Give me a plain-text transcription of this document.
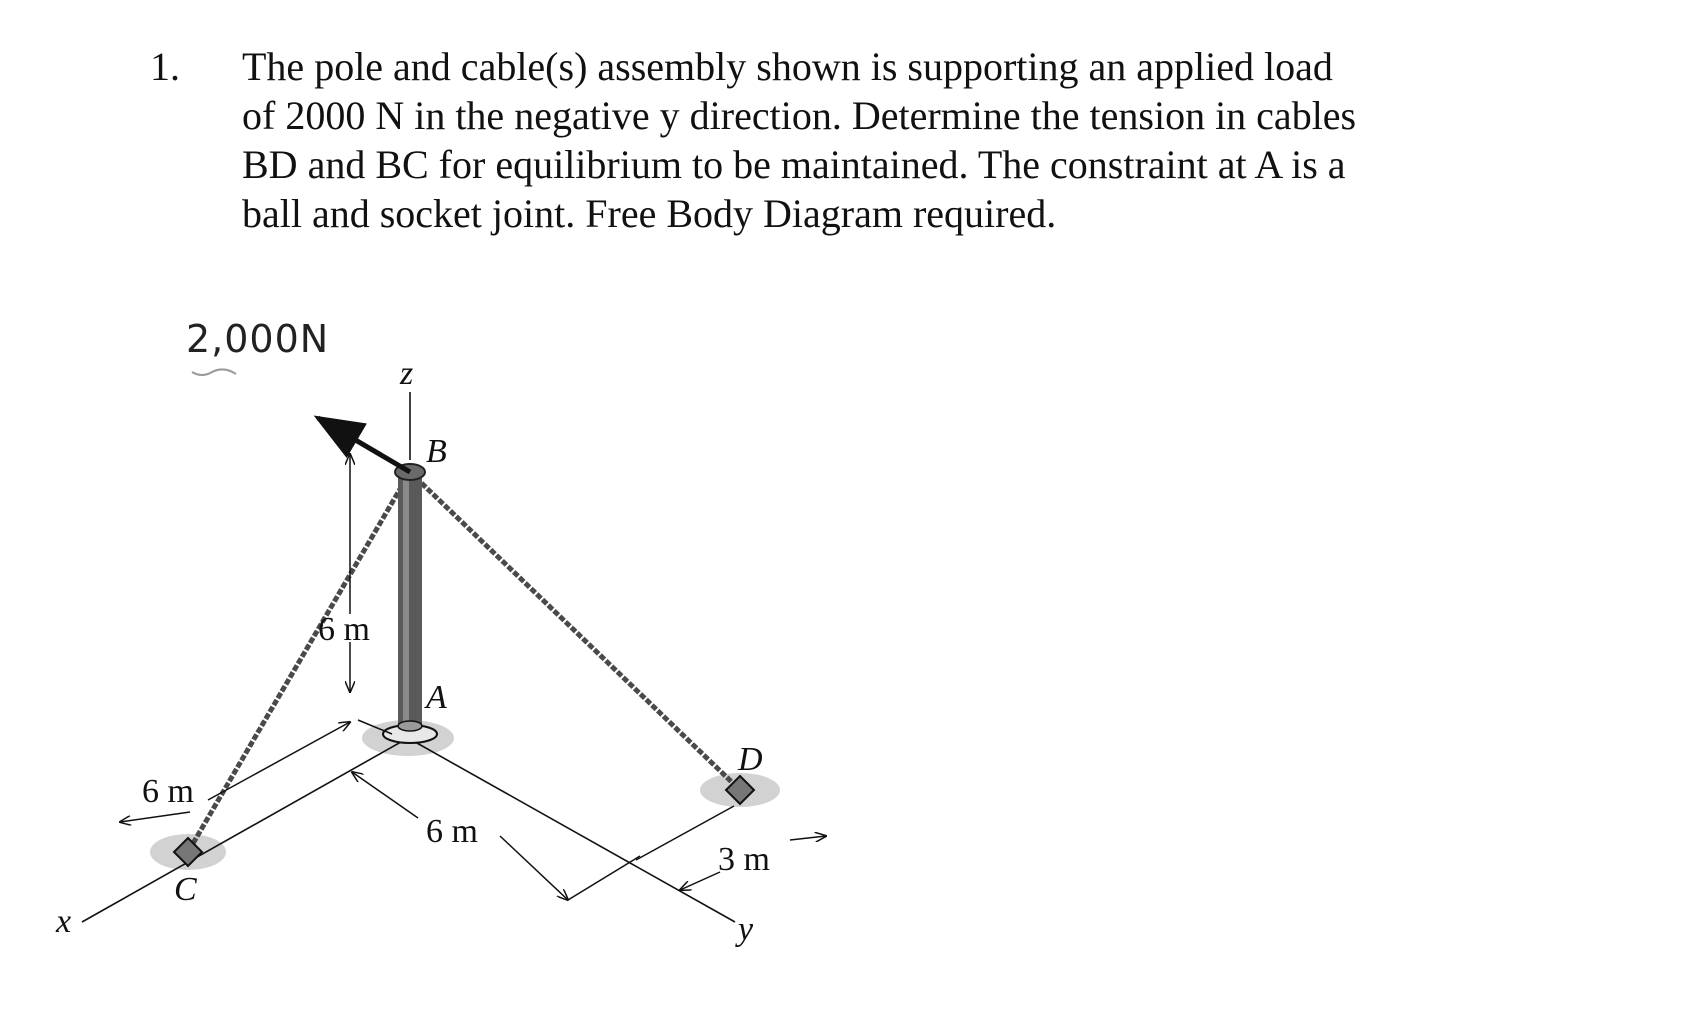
1.	The pole and cable(s) assembly shown is supporting an applied load
of 2000 N in the negative y direction. Determine the tension in cables
BD and BC for equilibrium to be maintained. The constraint at A is a
ball and socket joint. Free Body Diagram required.
x	y
z
2,000N
B
A
C
D
6 m
6 m
6 m
3 m
